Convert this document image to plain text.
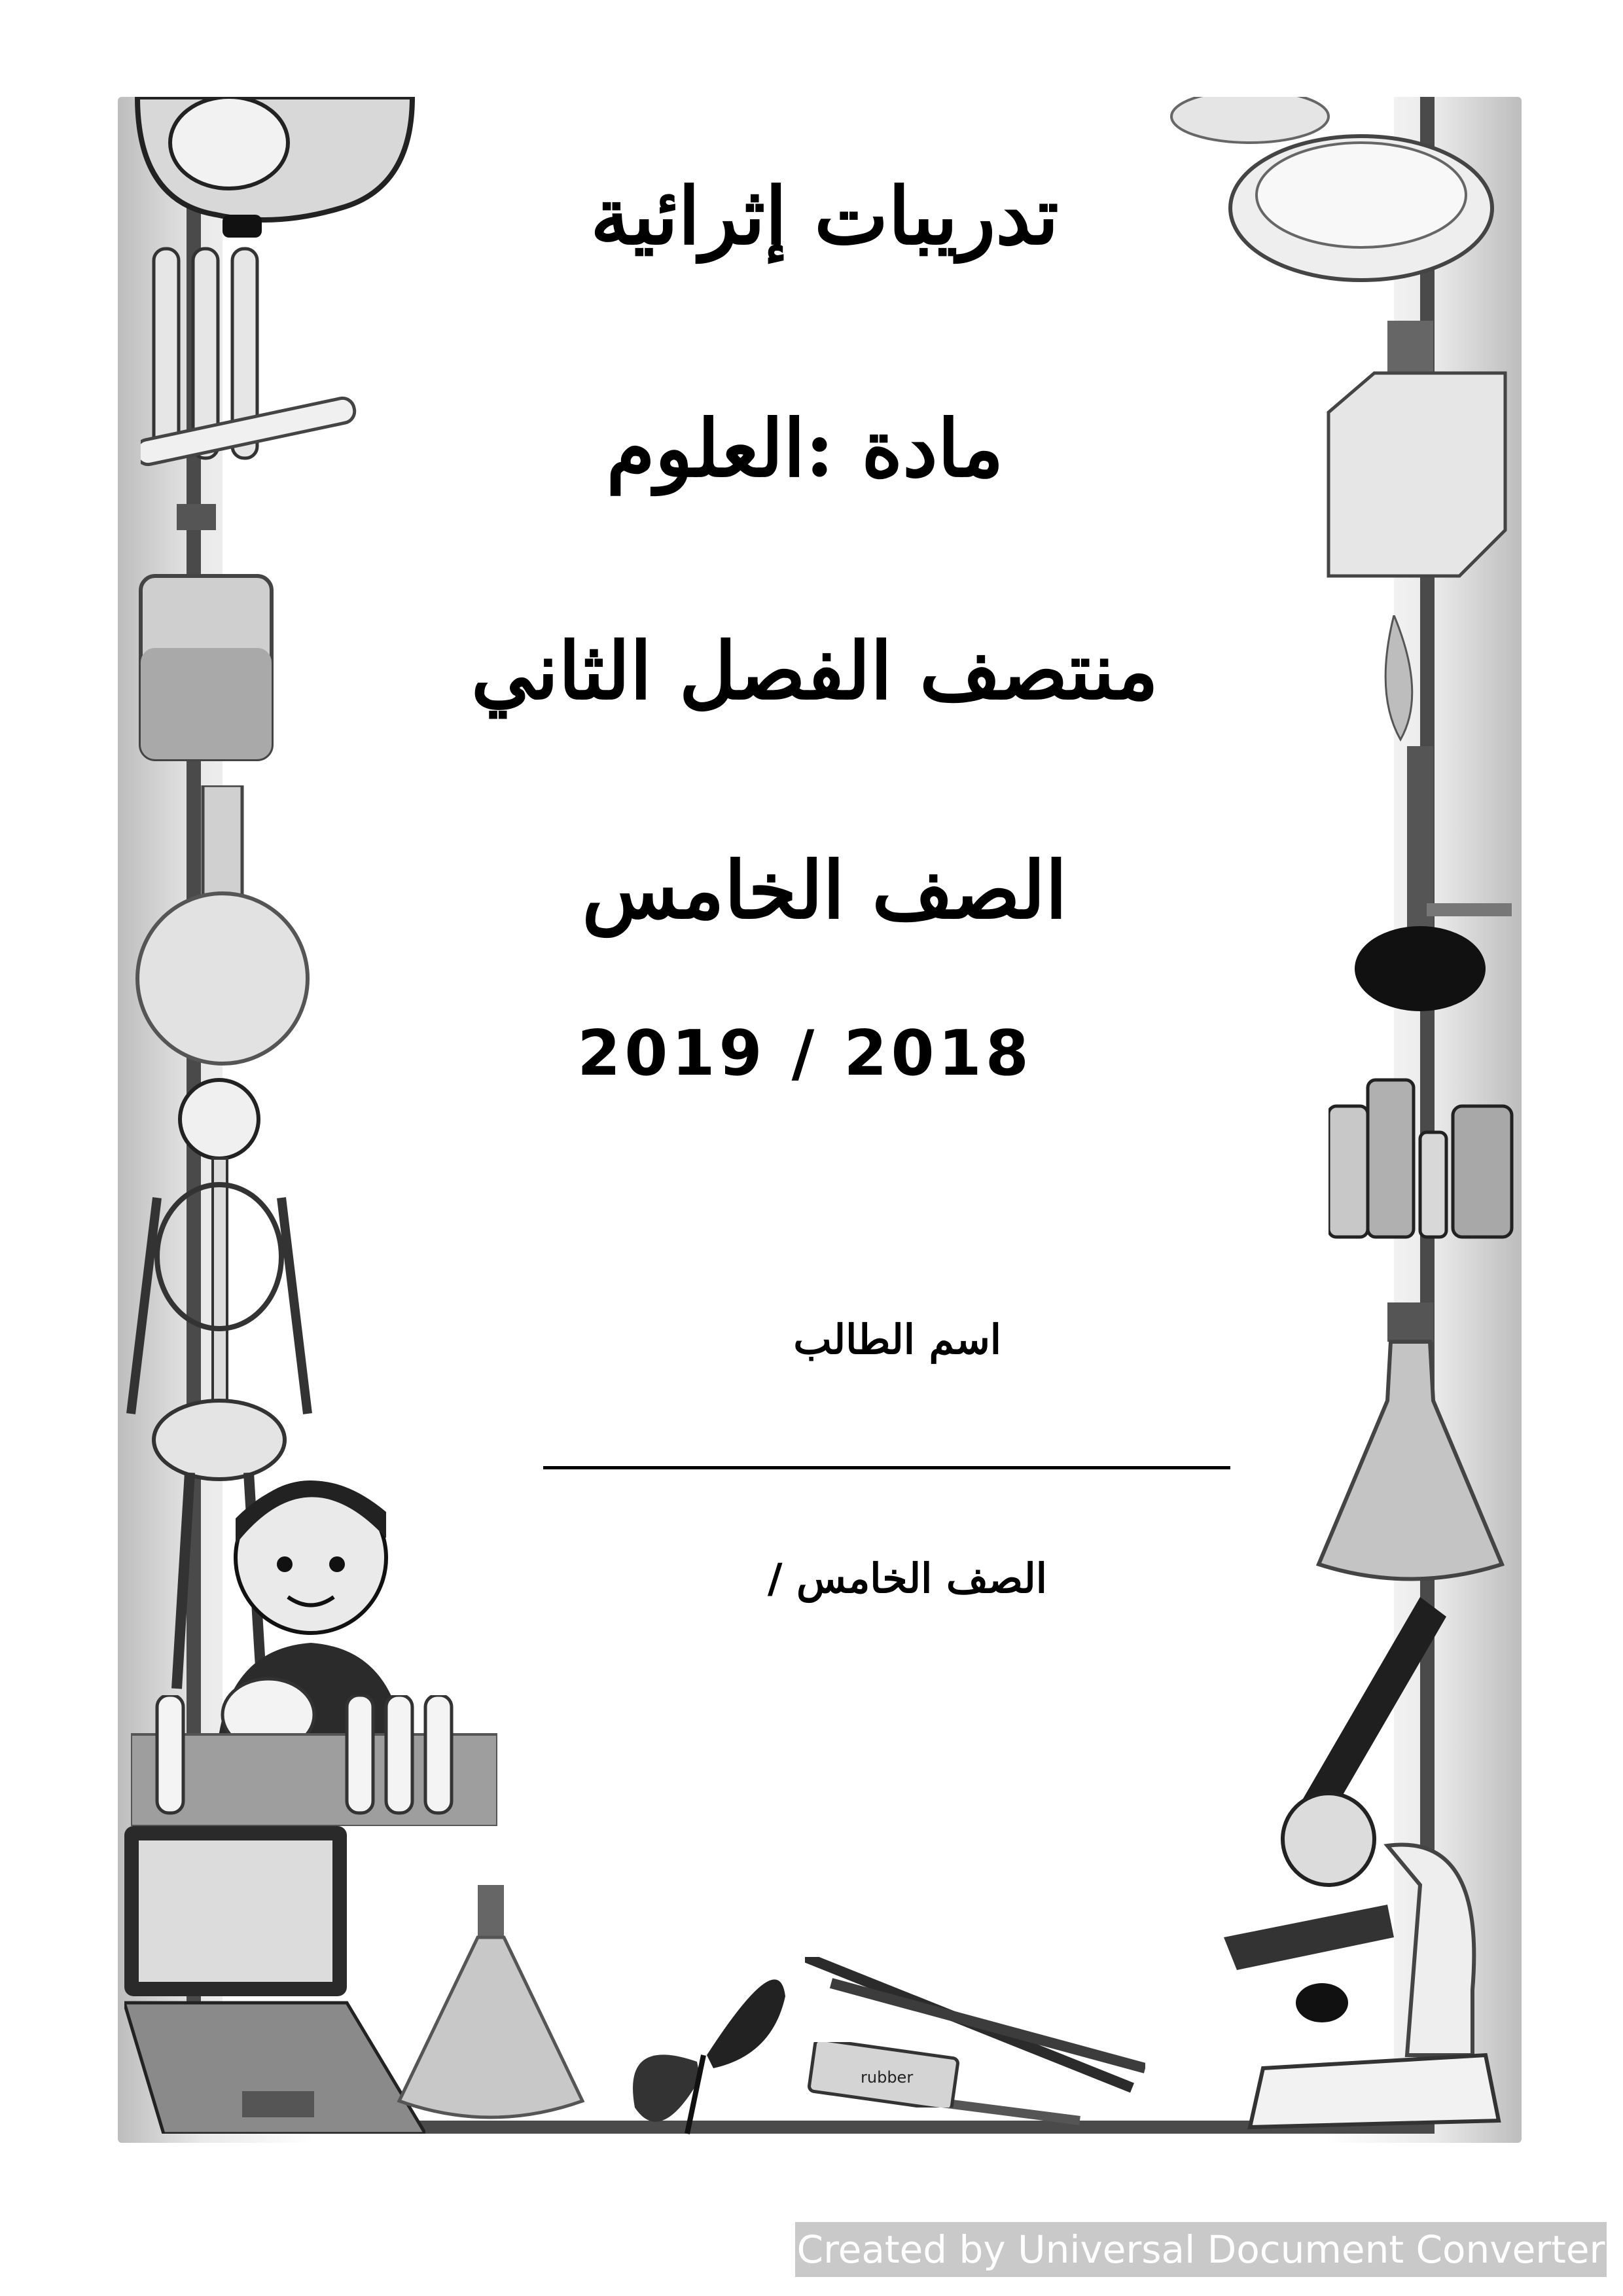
rubber
تدريبات إثرائية
مادة :العلوم
منتصف الفصل الثاني
الصف الخامس
2019 / 2018
اسم الطالب
الصف الخامس /
Created by Universal Document Converter
